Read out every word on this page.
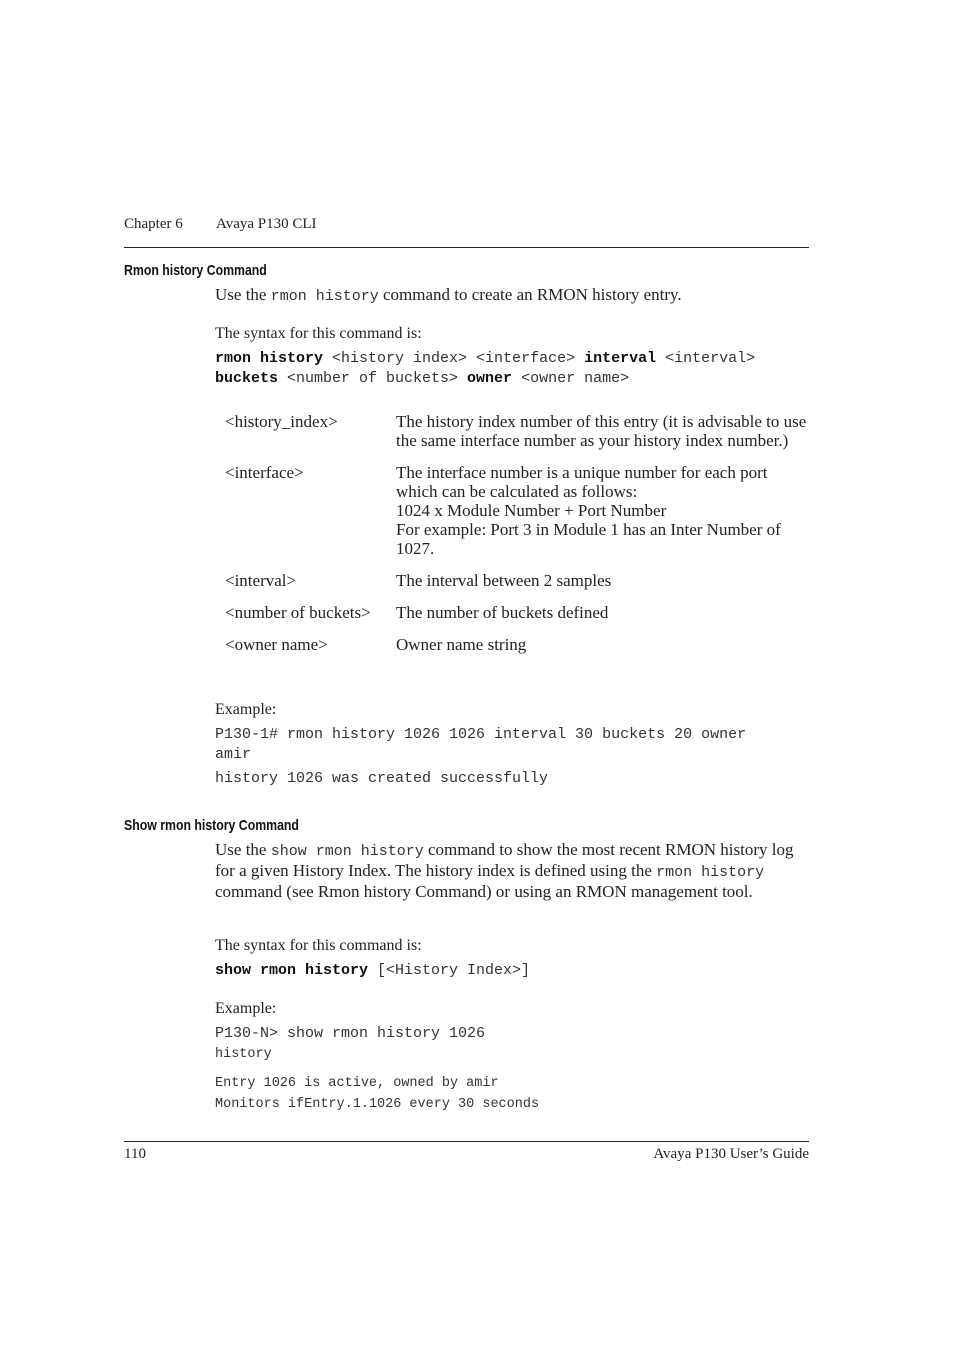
Chapter 6 Avaya P130 CLI
Rmon history Command
Use the rmon history command to create an RMON history entry.
The syntax for this command is:
rmon history <history index> <interface> interval <interval>
buckets <number of buckets> owner <owner name>
<history_index>	The history index number of this entry (it is advisable to use the same interface number as your history index number.)
<interface>	The interface number is a unique number for each port which can be calculated as follows:
1024 x Module Number + Port Number
For example: Port 3 in Module 1 has an Inter Number of 1027.
<interval>	The interval between 2 samples
<number of buckets>	The number of buckets defined
<owner name>	Owner name string
Example:
P130-1# rmon history 1026 1026 interval 30 buckets 20 owner
amir
history 1026 was created successfully
Show rmon history Command
Use the show rmon history command to show the most recent RMON history log for a given History Index. The history index is defined using the rmon history command (see Rmon history Command) or using an RMON management tool.
The syntax for this command is:
show rmon history [<History Index>]
Example:
P130-N> show rmon history 1026
history
Entry 1026 is active, owned by amir
Monitors ifEntry.1.1026 every 30 seconds
110	Avaya P130 User’s Guide
